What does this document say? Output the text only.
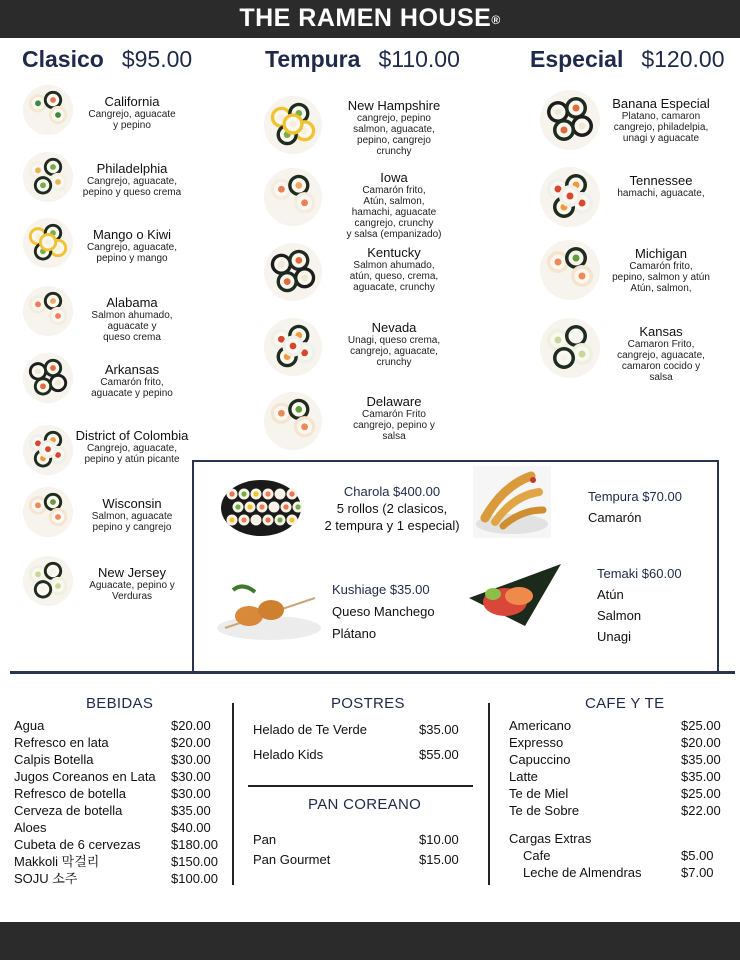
THE RAMEN HOUSE®
Clasico $95.00	Tempura $110.00	Especial $120.00
California
Cangrejo, aguacate
y pepino
Philadelphia
Cangrejo, aguacate,
pepino y queso crema
Mango o Kiwi
Cangrejo, aguacate,
pepino y mango
Alabama
Salmon ahumado,
aguacate y
queso crema
Arkansas
Camarón frito,
aguacate y pepino
District of Colombia
Cangrejo, aguacate,
pepino y atún picante
Wisconsin
Salmon, aguacate
pepino y cangrejo
New Jersey
Aguacate, pepino y
Verduras
New Hampshire
cangrejo, pepino
salmon, aguacate,
pepino, cangrejo
crunchy
Iowa
Camarón frito,
Atún, salmon,
hamachi, aguacate
cangrejo, crunchy
y salsa (empanizado)
Kentucky
Salmon ahumado,
atún, queso, crema,
aguacate, crunchy
Nevada
Unagi, queso crema,
cangrejo, aguacate,
crunchy
Delaware
Camarón Frito
cangrejo, pepino y
salsa
Banana Especial
Platano, camaron
cangrejo, philadelpia,
unagi y aguacate
Tennessee
hamachi, aguacate,
Michigan
Camarón frito,
pepino, salmon y atún
Atún, salmon,
Kansas
Camaron Frito,
cangrejo, aguacate,
camaron cocido y
salsa
Charola $400.00
5 rollos (2 clasicos,
2 tempura y 1 especial)
Tempura $70.00
Camarón
Kushiage $35.00
Queso Manchego
Plátano
Temaki $60.00
Atún
Salmon
Unagi
BEBIDAS	POSTRES
PAN COREANO
CAFE Y TE
Cargas Extras
Agua	$20.00
Refresco en lata	$20.00
Calpis Botella	$30.00
Jugos Coreanos en Lata $30.00
Refresco de botella	$30.00
Cerveza de botella	$35.00
Aloes	$40.00
Cubeta de 6 cervezas $180.00
Makkoli 막걸리	$150.00
SOJU 소주	$100.00
Helado de Te Verde	$35.00
Helado Kids	$55.00
Pan	$10.00
Pan Gourmet	$15.00
Americano	$25.00
Expresso	$20.00
Capuccino	$35.00
Latte	$35.00
Te de Miel	$25.00
Te de Sobre	$22.00
Cafe	$5.00
Leche de Almendras	$7.00
